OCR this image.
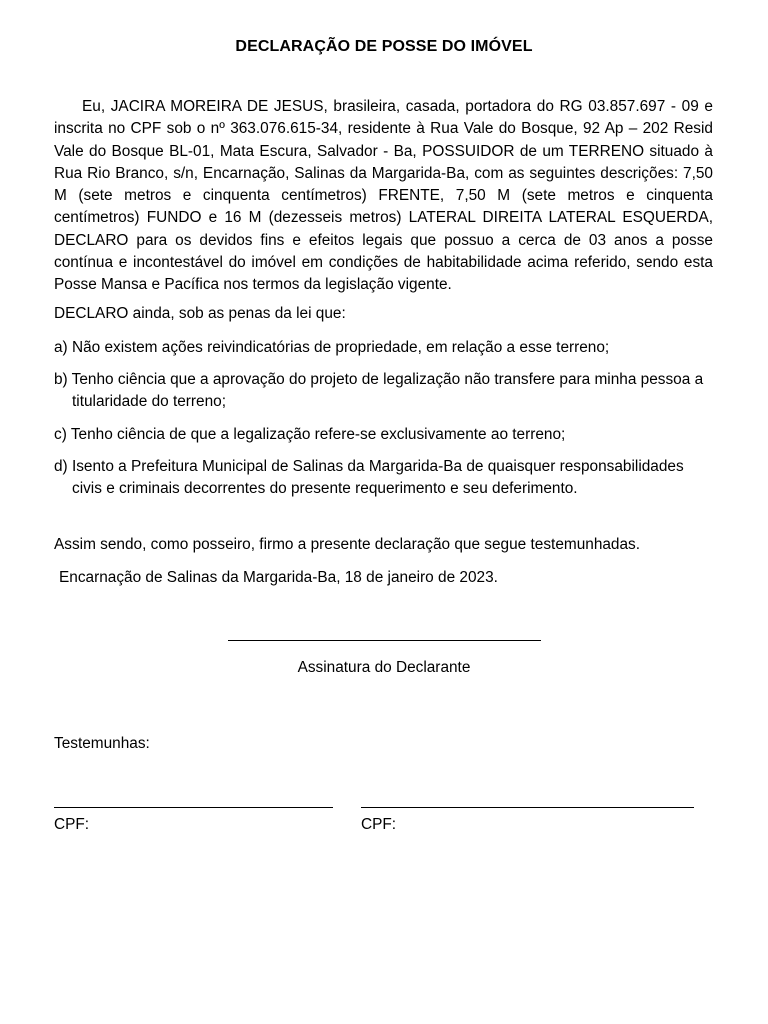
DECLARAÇÃO DE POSSE DO IMÓVEL

Eu, JACIRA MOREIRA DE JESUS, brasileira, casada, portadora do RG 03.857.697 - 09 e inscrita no CPF sob o nº 363.076.615-34, residente à Rua Vale do Bosque, 92 Ap – 202 Resid Vale do Bosque BL-01, Mata Escura, Salvador - Ba, POSSUIDOR de um TERRENO situado à Rua Rio Branco, s/n, Encarnação, Salinas da Margarida-Ba, com as seguintes descrições: 7,50 M (sete metros e cinquenta centímetros) FRENTE, 7,50 M (sete metros e cinquenta centímetros) FUNDO e 16 M (dezesseis metros) LATERAL DIREITA LATERAL ESQUERDA, DECLARO para os devidos fins e efeitos legais que possuo a cerca de 03 anos a posse contínua e incontestável do imóvel em condições de habitabilidade acima referido, sendo esta Posse Mansa e Pacífica nos termos da legislação vigente.

DECLARO ainda, sob as penas da lei que:

a) Não existem ações reivindicatórias de propriedade, em relação a esse terreno;

b) Tenho ciência que a aprovação do projeto de legalização não transfere para minha pessoa a titularidade do terreno;

c) Tenho ciência de que a legalização refere-se exclusivamente ao terreno;

d) Isento a Prefeitura Municipal de Salinas da Margarida-Ba de quaisquer responsabilidades civis e criminais decorrentes do presente requerimento e seu deferimento.

Assim sendo, como posseiro, firmo a presente declaração que segue testemunhadas.

Encarnação de Salinas da Margarida-Ba, 18 de janeiro de 2023.

Assinatura do Declarante
Testemunhas:
CPF:	CPF:
